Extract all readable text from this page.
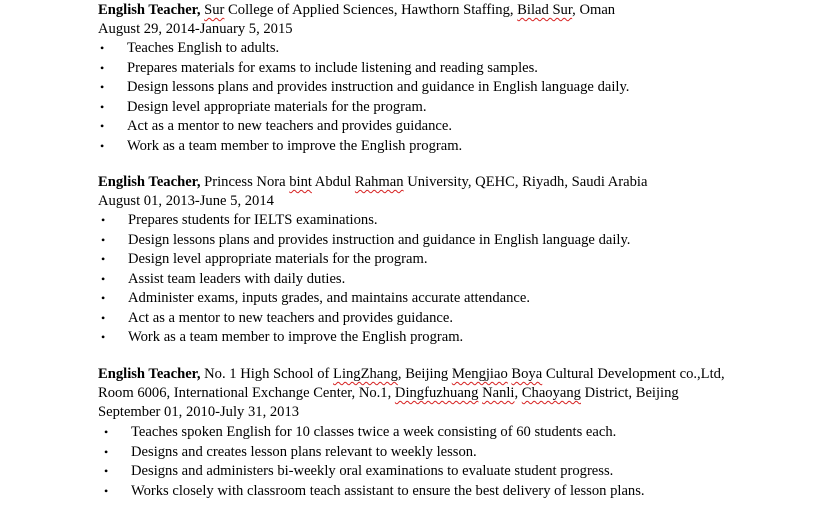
English Teacher, Sur College of Applied Sciences, Hawthorn Staffing, Bilad Sur, Oman
August 29, 2014-January 5, 2015
• Teaches English to adults.
• Prepares materials for exams to include listening and reading samples.
• Design lessons plans and provides instruction and guidance in English language daily.
• Design level appropriate materials for the program.
• Act as a mentor to new teachers and provides guidance.
• Work as a team member to improve the English program.
English Teacher, Princess Nora bint Abdul Rahman University, QEHC, Riyadh, Saudi Arabia
August 01, 2013-June 5, 2014
• Prepares students for IELTS examinations.
• Design lessons plans and provides instruction and guidance in English language daily.
• Design level appropriate materials for the program.
• Assist team leaders with daily duties.
• Administer exams, inputs grades, and maintains accurate attendance.
• Act as a mentor to new teachers and provides guidance.
• Work as a team member to improve the English program.
English Teacher, No. 1 High School of LingZhang, Beijing Mengjiao Boya Cultural Development co.,Ltd,
Room 6006, International Exchange Center, No.1, Dingfuzhuang Nanli, Chaoyang District, Beijing
September 01, 2010-July 31, 2013
• Teaches spoken English for 10 classes twice a week consisting of 60 students each.
• Designs and creates lesson plans relevant to weekly lesson.
• Designs and administers bi-weekly oral examinations to evaluate student progress.
• Works closely with classroom teach assistant to ensure the best delivery of lesson plans.
